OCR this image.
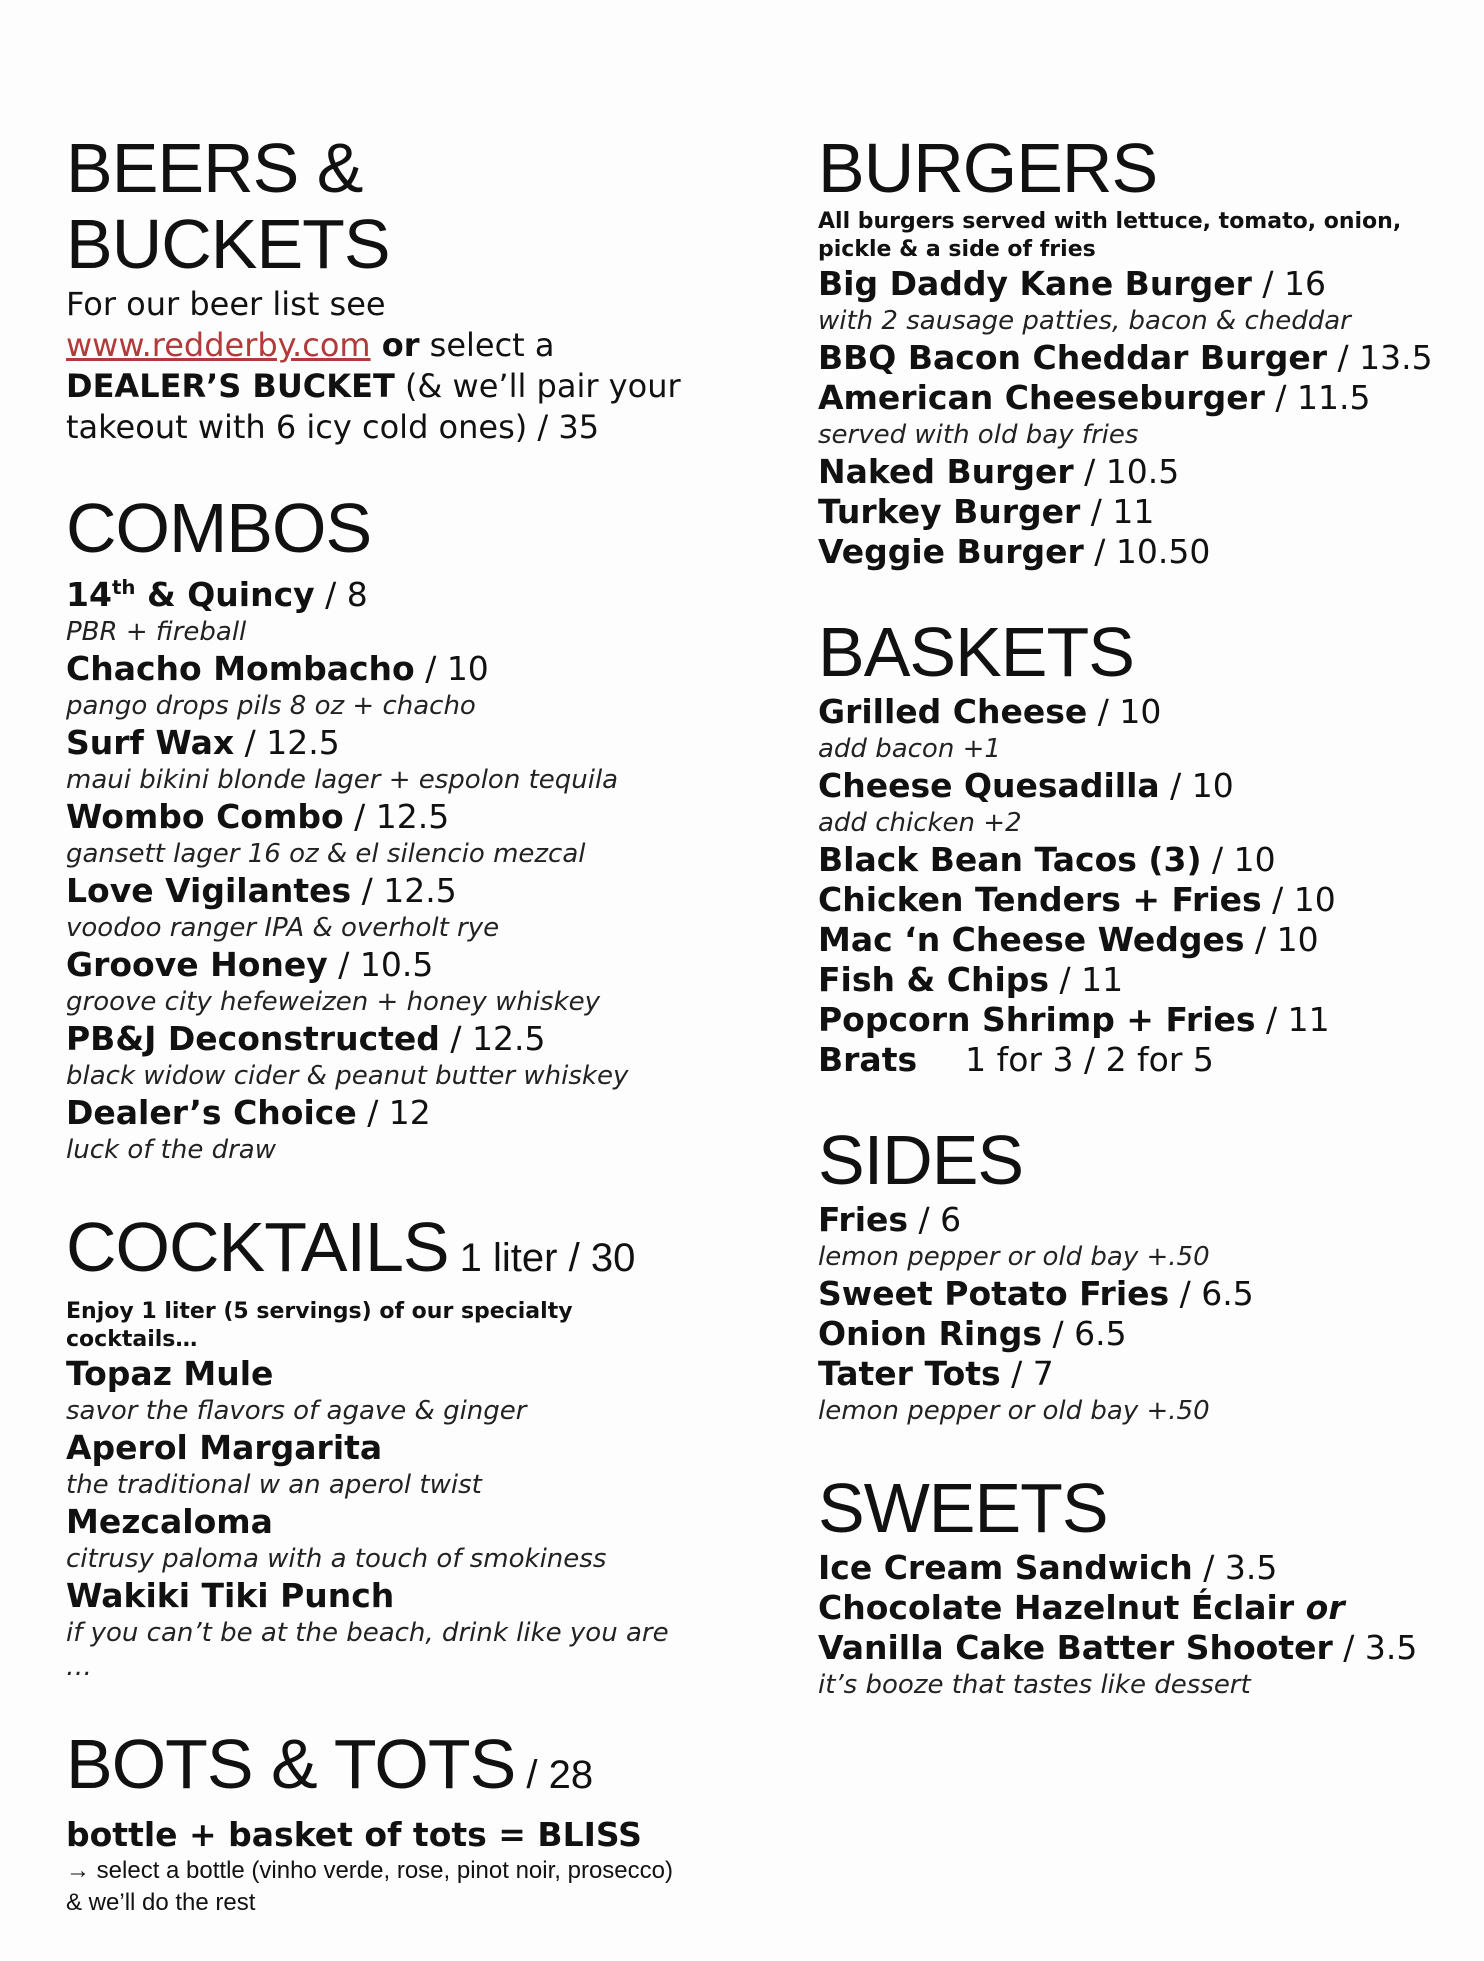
BEERS & BUCKETS
For our beer list see
www.redderby.com or select a
DEALER’S BUCKET (& we’ll pair your
takeout with 6 icy cold ones) / 35
COMBOS
14th & Quincy / 8
PBR + fireball
Chacho Mombacho / 10
pango drops pils 8 oz + chacho
Surf Wax / 12.5
maui bikini blonde lager + espolon tequila
Wombo Combo / 12.5
gansett lager 16 oz & el silencio mezcal
Love Vigilantes / 12.5
voodoo ranger IPA & overholt rye
Groove Honey / 10.5
groove city hefeweizen + honey whiskey
PB&J Deconstructed / 12.5
black widow cider & peanut butter whiskey
Dealer’s Choice / 12
luck of the draw
COCKTAILS 1 liter / 30
Enjoy 1 liter (5 servings) of our specialty cocktails…
Topaz Mule
savor the flavors of agave & ginger
Aperol Margarita
the traditional w an aperol twist
Mezcaloma
citrusy paloma with a touch of smokiness
Wakiki Tiki Punch
if you can’t be at the beach, drink like you are …
BOTS & TOTS / 28
bottle + basket of tots = BLISS
→ select a bottle (vinho verde, rose, pinot noir, prosecco) & we’ll do the rest
BURGERS
All burgers served with lettuce, tomato, onion, pickle & a side of fries
Big Daddy Kane Burger / 16
with 2 sausage patties, bacon & cheddar
BBQ Bacon Cheddar Burger / 13.5
American Cheeseburger / 11.5
served with old bay fries
Naked Burger / 10.5
Turkey Burger / 11
Veggie Burger / 10.50
BASKETS
Grilled Cheese / 10
add bacon +1
Cheese Quesadilla / 10
add chicken +2
Black Bean Tacos (3) / 10
Chicken Tenders + Fries / 10
Mac ‘n Cheese Wedges / 10
Fish & Chips / 11
Popcorn Shrimp + Fries / 11
Brats 1 for 3 / 2 for 5
SIDES
Fries / 6
lemon pepper or old bay +.50
Sweet Potato Fries / 6.5
Onion Rings / 6.5
Tater Tots / 7
lemon pepper or old bay +.50
SWEETS
Ice Cream Sandwich / 3.5
Chocolate Hazelnut Éclair or
Vanilla Cake Batter Shooter / 3.5
it’s booze that tastes like dessert
